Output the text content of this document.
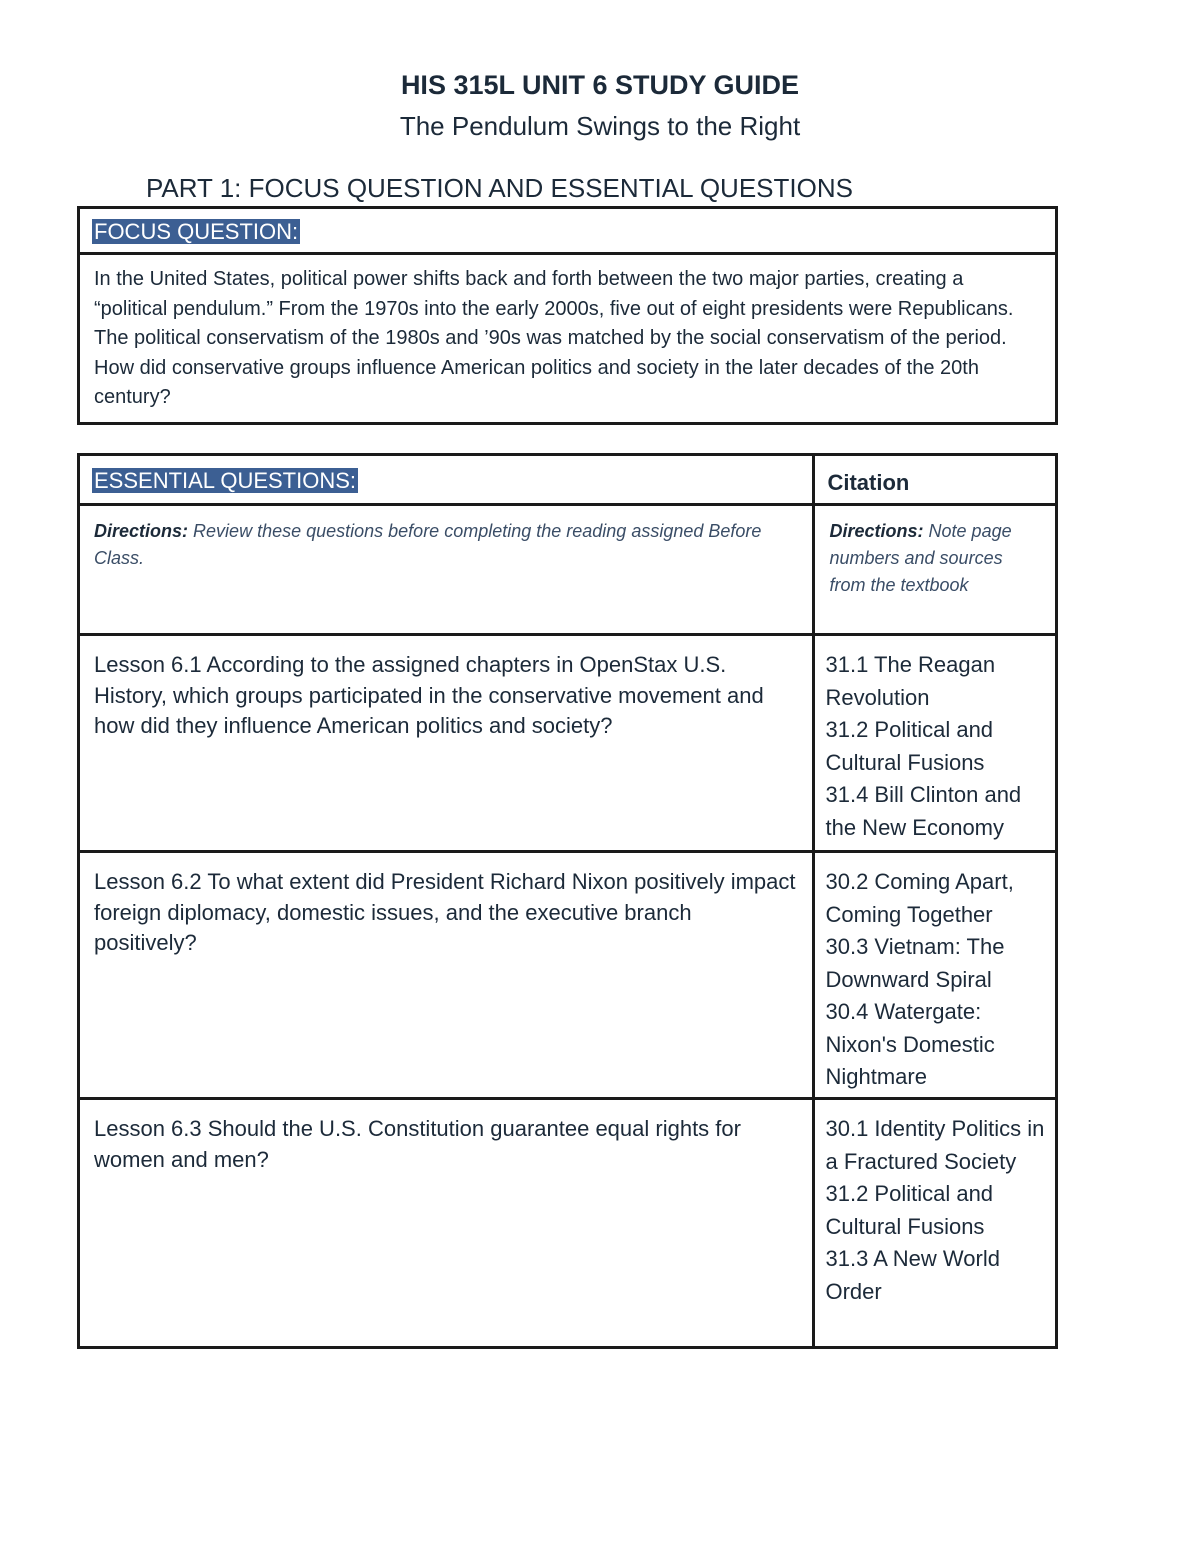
HIS 315L UNIT 6 STUDY GUIDE
The Pendulum Swings to the Right
PART 1: FOCUS QUESTION AND ESSENTIAL QUESTIONS
FOCUS QUESTION:
In the United States, political power shifts back and forth between the two major parties, creating a “political pendulum.” From the 1970s into the early 2000s, five out of eight presidents were Republicans. The political conservatism of the 1980s and ’90s was matched by the social conservatism of the period. How did conservative groups influence American politics and society in the later decades of the 20th century?
ESSENTIAL QUESTIONS:	Citation
Directions: Review these questions before completing the reading assigned Before Class.	Directions: Note page numbers and sources from the textbook
Lesson 6.1 According to the assigned chapters in OpenStax U.S. History, which groups participated in the conservative movement and how did they influence American politics and society?	31.1 The Reagan Revolution
31.2 Political and Cultural Fusions
31.4 Bill Clinton and the New Economy

Lesson 6.2 To what extent did President Richard Nixon positively impact foreign diplomacy, domestic issues, and the executive branch positively?	30.2 Coming Apart, Coming Together
30.3 Vietnam: The Downward Spiral
30.4 Watergate: Nixon's Domestic Nightmare

Lesson 6.3 Should the U.S. Constitution guarantee equal rights for women and men?	30.1 Identity Politics in a Fractured Society
31.2 Political and Cultural Fusions
31.3 A New World Order
